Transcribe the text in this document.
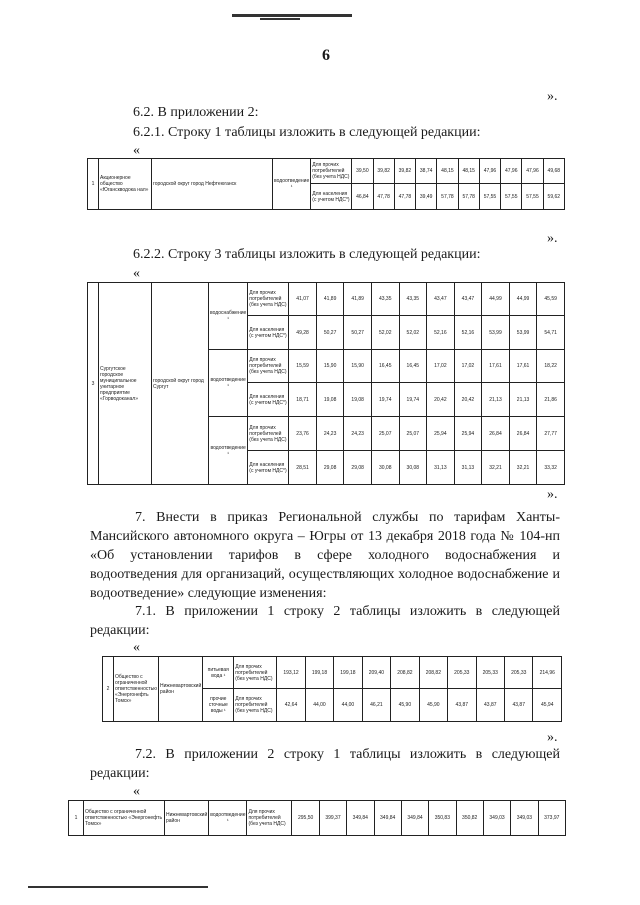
6
».
6.2. В приложении 2:
6.2.1. Строку 1 таблицы изложить в следующей редакции:
«
1	Акционерное общество «Юганскводока нал»	городской округ город Нефтеюганск	водоотведение ¹	Для прочих потребителей (без учета НДС)	39,50	39,82	39,82	38,74	48,15	48,15	47,96	47,96	47,96	49,68
				Для населения (с учетом НДС*)	46,84	47,78	47,78	39,49	57,78	57,78	57,55	57,55	57,55	59,62
».
6.2.2. Строку 3 таблицы изложить в следующей редакции:
«
3	Сургутское городское муниципальное унитарное предприятие «Горводоканал»	городской округ город Сургут	водоснабжение ¹	Для прочих потребителей (без учета НДС)	41,07	41,89	41,89	43,35	43,35	43,47	43,47	44,99	44,99	45,59
				Для населения (с учетом НДС*)	49,28	50,27	50,27	52,02	52,02	52,16	52,16	53,99	53,99	54,71
			водоотведение ¹	Для прочих потребителей (без учета НДС)	15,59	15,90	15,90	16,45	16,45	17,02	17,02	17,61	17,61	18,22
				Для населения (с учетом НДС*)	18,71	19,08	19,08	19,74	19,74	20,42	20,42	21,13	21,13	21,86
			водоотведение ¹	Для прочих потребителей (без учета НДС)	23,76	24,23	24,23	25,07	25,07	25,94	25,94	26,84	26,84	27,77
				Для населения (с учетом НДС*)	28,51	29,08	29,08	30,08	30,08	31,13	31,13	32,21	32,21	33,32
».
7. Внести в приказ Региональной службы по тарифам Ханты-Мансийского автономного округа – Югры от 13 декабря 2018 года № 104-нп «Об установлении тарифов в сфере холодного водоснабжения и водоотведения для организаций, осуществляющих холодное водоснабжение и водоотведение» следующие изменения:
7.1. В приложении 1 строку 2 таблицы изложить в следующей редакции:
«
2	Общество с ограниченной ответственностью «Энергонефть Томск»	Нижневартовский район	питьевая вода ¹	Для прочих потребителей (без учета НДС)	193,12	199,18	199,18	209,40	208,82	208,82	205,33	205,33	205,33	214,96
			прочие сточные воды ¹	Для прочих потребителей (без учета НДС)	42,64	44,00	44,00	46,21	45,90	45,90	43,87	43,87	43,87	45,94
».
7.2. В приложении 2 строку 1 таблицы изложить в следующей редакции:
«
1	Общество с ограниченной ответственностью «Энергонефть Томск»	Нижневартовский район	водоотведение ¹	Для прочих потребителей (без учета НДС)	295,50	399,37	349,84	349,84	349,84	350,83	350,82	349,03	349,03	373,97
